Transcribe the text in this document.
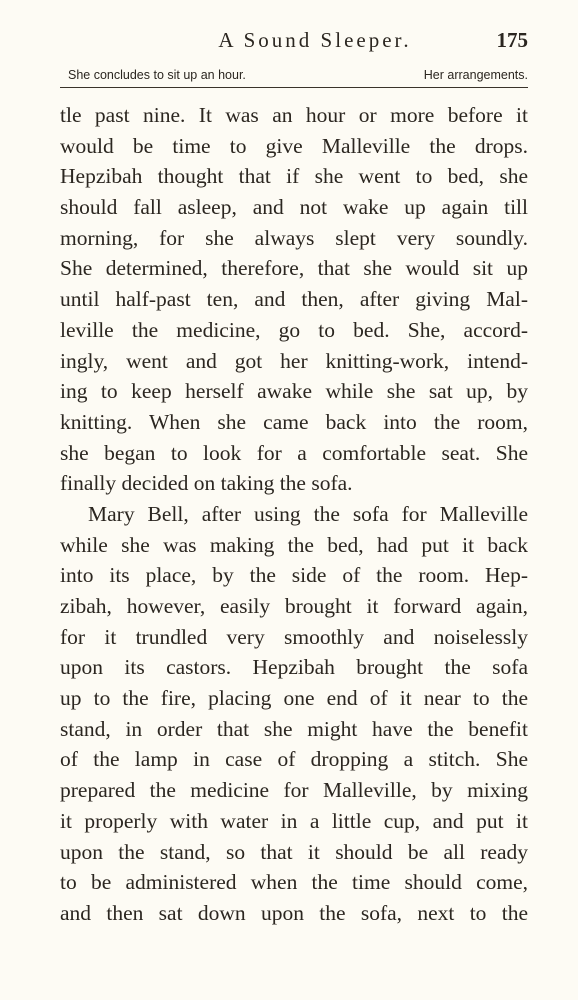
A Sound Sleeper.	175
She concludes to sit up an hour.	Her arrangements.
tle past nine. It was an hour or more before it
would be time to give Malleville the drops.
Hepzibah thought that if she went to bed, she
should fall asleep, and not wake up again till
morning, for she always slept very soundly.
She determined, therefore, that she would sit up
until half-past ten, and then, after giving Mal-
leville the medicine, go to bed. She, accord-
ingly, went and got her knitting-work, intend-
ing to keep herself awake while she sat up, by
knitting. When she came back into the room,
she began to look for a comfortable seat. She
finally decided on taking the sofa.
Mary Bell, after using the sofa for Malleville
while she was making the bed, had put it back
into its place, by the side of the room. Hep-
zibah, however, easily brought it forward again,
for it trundled very smoothly and noiselessly
upon its castors. Hepzibah brought the sofa
up to the fire, placing one end of it near to the
stand, in order that she might have the benefit
of the lamp in case of dropping a stitch. She
prepared the medicine for Malleville, by mixing
it properly with water in a little cup, and put it
upon the stand, so that it should be all ready
to be administered when the time should come,
and then sat down upon the sofa, next to the
